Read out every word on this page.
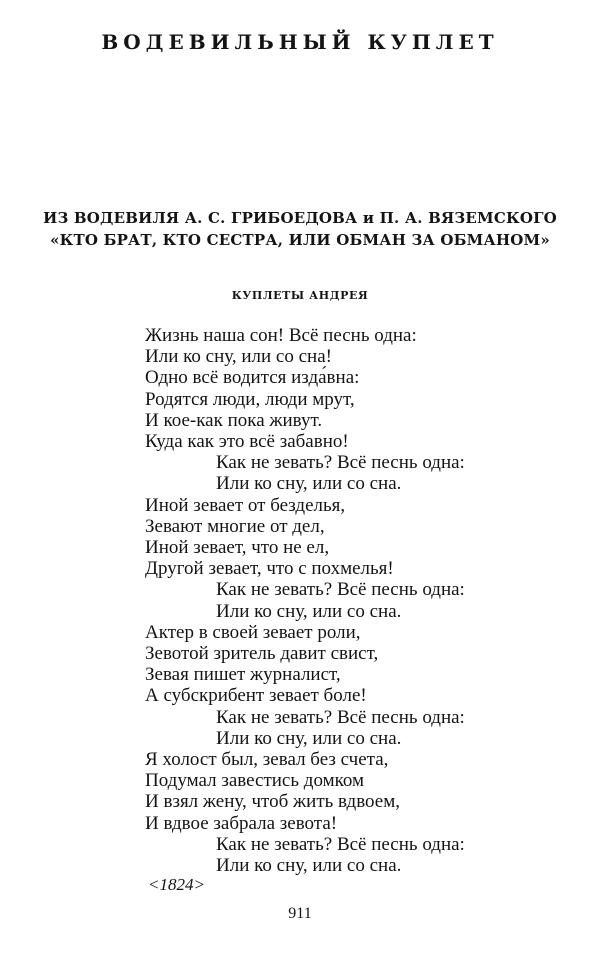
ВОДЕВИЛЬНЫЙ КУПЛЕТ
ИЗ ВОДЕВИЛЯ А. С. ГРИБОЕДОВА и П. А. ВЯЗЕМСКОГО
«КТО БРАТ, КТО СЕСТРА, ИЛИ ОБМАН ЗА ОБМАНОМ»
КУПЛЕТЫ АНДРЕЯ
Жизнь наша сон! Всё песнь одна:
Или ко сну, или со сна!
Одно всё водится изда́вна:
Родятся люди, люди мрут,
И кое-как пока живут.
Куда как это всё забавно!
Как не зевать? Всё песнь одна:
Или ко сну, или со сна.
Иной зевает от безделья,
Зевают многие от дел,
Иной зевает, что не ел,
Другой зевает, что с похмелья!
Как не зевать? Всё песнь одна:
Или ко сну, или со сна.
Актер в своей зевает роли,
Зевотой зритель давит свист,
Зевая пишет журналист,
А субскрибент зевает боле!
Как не зевать? Всё песнь одна:
Или ко сну, или со сна.
Я холост был, зевал без счета,
Подумал завестись домком
И взял жену, чтоб жить вдвоем,
И вдвое забрала зевота!
Как не зевать? Всё песнь одна:
Или ко сну, или со сна.
<1824>
911
